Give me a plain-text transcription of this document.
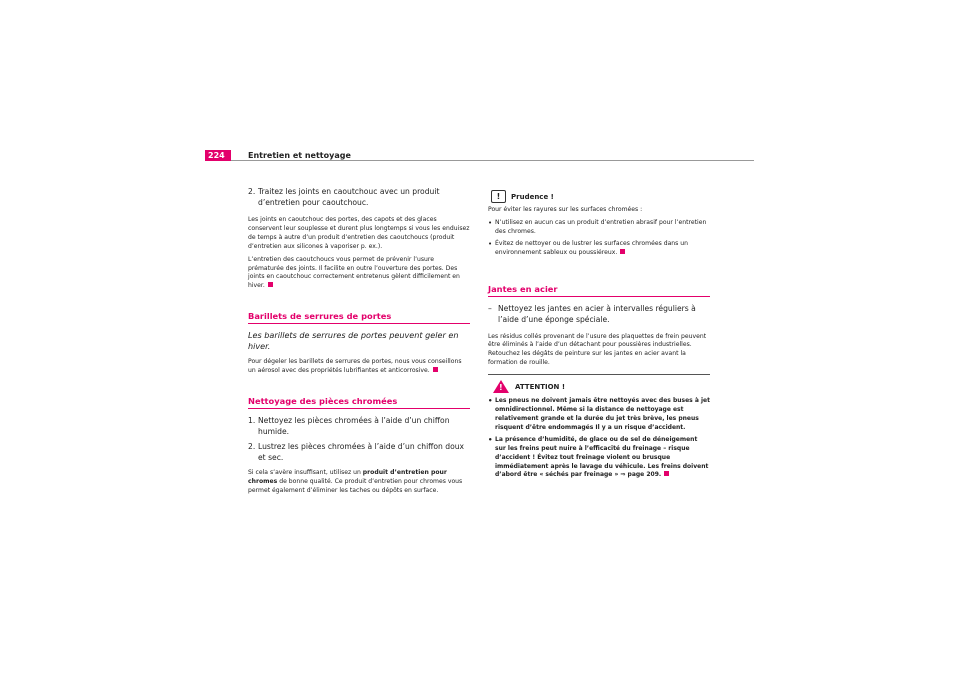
224	Entretien et nettoyage
2. Traitez les joints en caoutchouc avec un produit d’entretien pour caoutchouc.

Les joints en caoutchouc des portes, des capots et des glaces conservent leur souplesse et durent plus longtemps si vous les enduisez de temps à autre d’un produit d’entretien des caoutchoucs (produit d’entretien aux silicones à vaporiser p. ex.).

L’entretien des caoutchoucs vous permet de prévenir l’usure prématurée des joints. Il facilite en outre l’ouverture des portes. Des joints en caoutchouc correctement entretenus gèlent difficilement en hiver.

Barillets de serrures de portes
Les barillets de serrures de portes peuvent geler en hiver.

Pour dégeler les barillets de serrures de portes, nous vous conseillons un aérosol avec des propriétés lubrifiantes et anticorrosive.

Nettoyage des pièces chromées
1. Nettoyez les pièces chromées à l’aide d’un chiffon humide.
2. Lustrez les pièces chromées à l’aide d’un chiffon doux et sec.

Si cela s’avère insuffisant, utilisez un produit d’entretien pour chromes de bonne qualité. Ce produit d’entretien pour chromes vous permet également d’éliminer les taches ou dépôts en surface.

!	Prudence !

Pour éviter les rayures sur les surfaces chromées :

• N’utilisez en aucun cas un produit d’entretien abrasif pour l’entretien des chromes.
• Évitez de nettoyer ou de lustrer les surfaces chromées dans un environnement sableux ou poussiéreux.
Jantes en acier
– Nettoyez les jantes en acier à intervalles réguliers à l’aide d’une éponge spéciale.

Les résidus collés provenant de l’usure des plaquettes de frein peuvent être éliminés à l’aide d’un détachant pour poussières industrielles. Retouchez les dégâts de peinture sur les jantes en acier avant la formation de rouille.

! ATTENTION !
• Les pneus ne doivent jamais être nettoyés avec des buses à jet omnidirectionnel. Même si la distance de nettoyage est relativement grande et la durée du jet très brève, les pneus risquent d’être endommagés Il y a un risque d’accident.
• La présence d’humidité, de glace ou de sel de déneigement sur les freins peut nuire à l’efficacité du freinage – risque d’accident ! Évitez tout freinage violent ou brusque immédiatement après le lavage du véhicule. Les freins doivent d’abord être « séchés par freinage » ⇒ page 209.
